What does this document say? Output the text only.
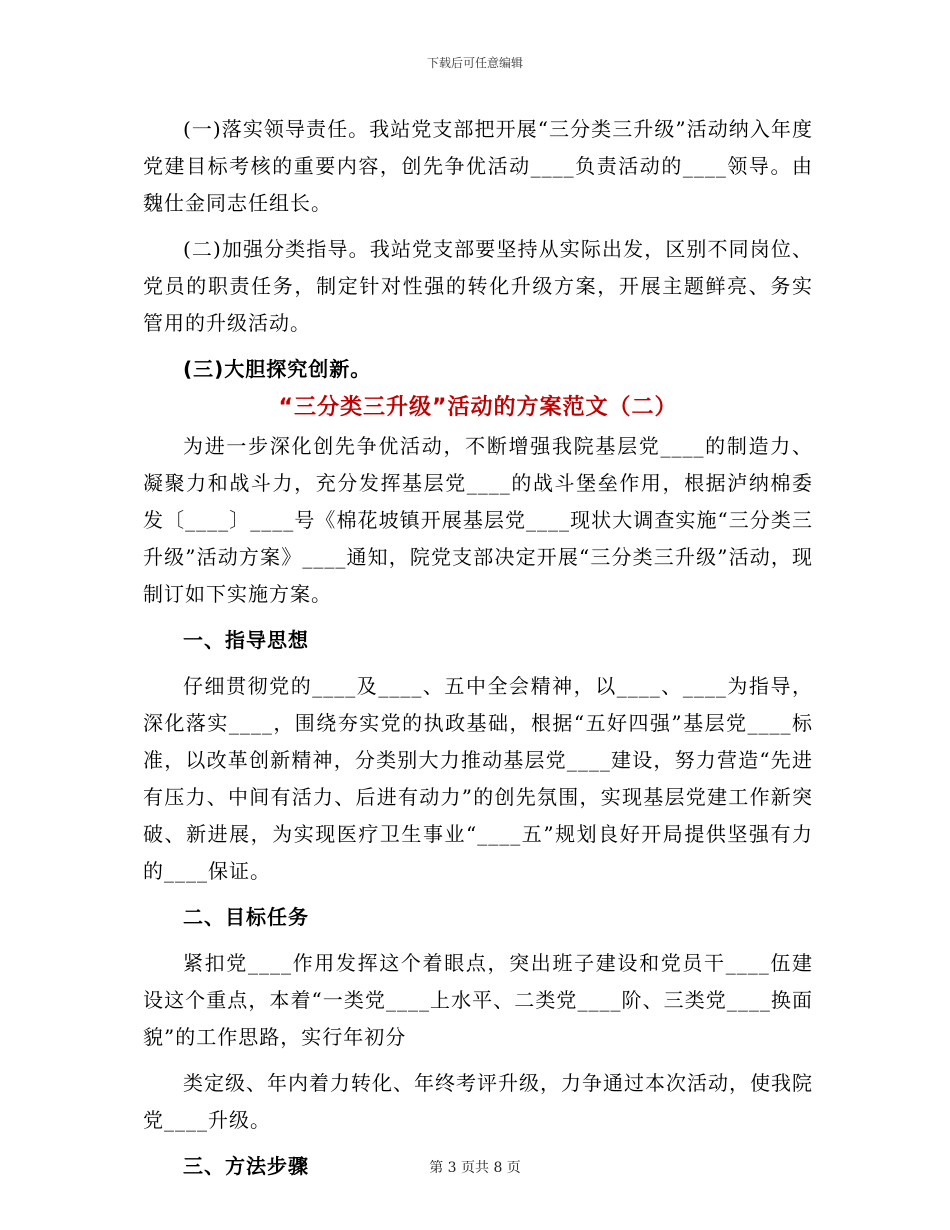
下载后可任意编辑

(一)落实领导责任。我站党支部把开展“三分类三升级”活动纳入年度党建目标考核的重要内容，创先争优活动____负责活动的____领导。由魏仕金同志任组长。

(二)加强分类指导。我站党支部要坚持从实际出发，区别不同岗位、党员的职责任务，制定针对性强的转化升级方案，开展主题鲜亮、务实管用的升级活动。

(三)大胆探究创新。

“三分类三升级”活动的方案范文（二）

为进一步深化创先争优活动，不断增强我院基层党____的制造力、凝聚力和战斗力，充分发挥基层党____的战斗堡垒作用，根据泸纳棉委发〔____〕____号《棉花坡镇开展基层党____现状大调查实施“三分类三升级”活动方案》____通知，院党支部决定开展“三分类三升级”活动，现制订如下实施方案。

一、指导思想

仔细贯彻党的____及____、五中全会精神，以____、____为指导，深化落实____，围绕夯实党的执政基础，根据“五好四强”基层党____标准，以改革创新精神，分类别大力推动基层党____建设，努力营造“先进有压力、中间有活力、后进有动力”的创先氛围，实现基层党建工作新突破、新进展，为实现医疗卫生事业“____五”规划良好开局提供坚强有力的____保证。

二、目标任务

紧扣党____作用发挥这个着眼点，突出班子建设和党员干____伍建设这个重点，本着“一类党____上水平、二类党____阶、三类党____换面貌”的工作思路，实行年初分

类定级、年内着力转化、年终考评升级，力争通过本次活动，使我院党____升级。

三、方法步骤	第 3 页共 8 页
